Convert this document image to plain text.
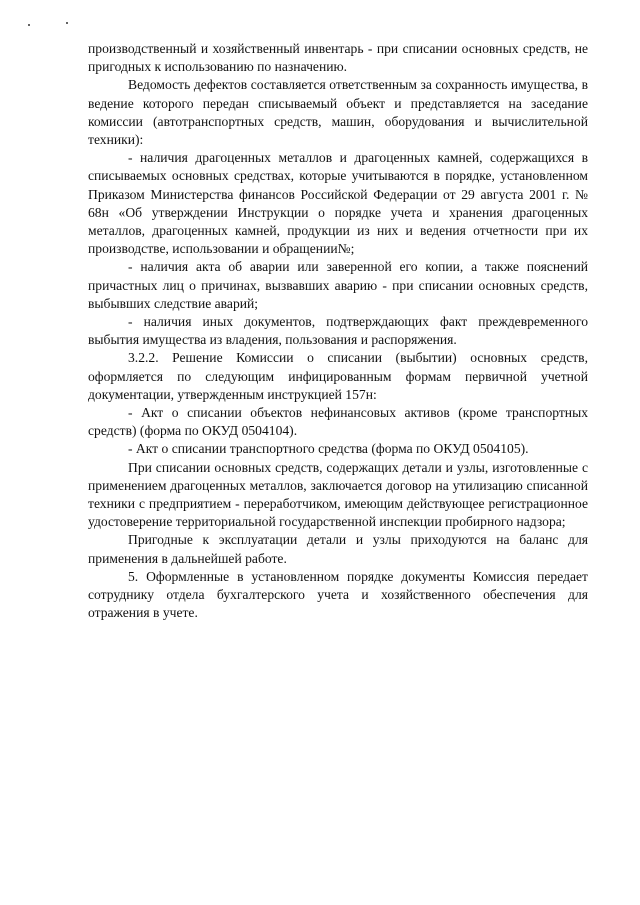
производственный и хозяйственный инвентарь - при списании основных средств, не пригодных к использованию по назначению.

Ведомость дефектов составляется ответственным за сохранность имущества, в ведение которого передан списываемый объект и представляется на заседание комиссии (автотранспортных средств, машин, оборудования и вычислительной техники):

- наличия драгоценных металлов и драгоценных камней, содержащихся в списываемых основных средствах, которые учитываются в порядке, установленном Приказом Министерства финансов Российской Федерации от 29 августа 2001 г. № 68н «Об утверждении Инструкции о порядке учета и хранения драгоценных металлов, драгоценных камней, продукции из них и ведения отчетности при их производстве, использовании и обращении№;

- наличия акта об аварии или заверенной его копии, а также пояснений причастных лиц о причинах, вызвавших аварию - при списании основных средств, выбывших следствие аварий;

- наличия иных документов, подтверждающих факт преждевременного выбытия имущества из владения, пользования и распоряжения.

3.2.2. Решение Комиссии о списании (выбытии) основных средств, оформляется по следующим инфицированным формам первичной учетной документации, утвержденным инструкцией 157н:

- Акт о списании объектов нефинансовых активов (кроме транспортных средств) (форма по ОКУД 0504104).

- Акт о списании транспортного средства (форма по ОКУД 0504105).

При списании основных средств, содержащих детали и узлы, изготовленные с применением драгоценных металлов, заключается договор на утилизацию списанной техники с предприятием - переработчиком, имеющим действующее регистрационное удостоверение территориальной государственной инспекции пробирного надзора;

Пригодные к эксплуатации детали и узлы приходуются на баланс для применения в дальнейшей работе.

5. Оформленные в установленном порядке документы Комиссия передает сотруднику отдела бухгалтерского учета и хозяйственного обеспечения для отражения в учете.
